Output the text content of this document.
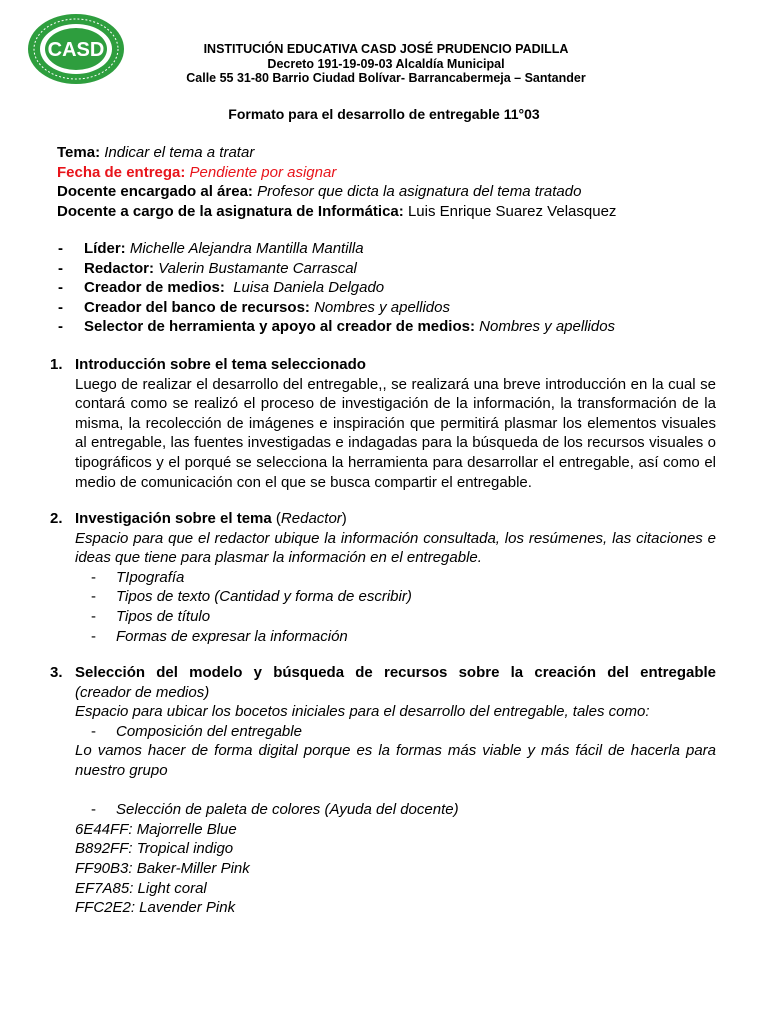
CASD	INSTITUCIÓN EDUCATIVA CASD JOSÉ PRUDENCIO PADILLA
Decreto 191-19-09-03 Alcaldía Municipal
Calle 55 31-80 Barrio Ciudad Bolívar- Barrancabermeja – Santander
Formato para el desarrollo de entregable 11°03
Tema: Indicar el tema a tratar
Fecha de entrega: Pendiente por asignar
Docente encargado al área: Profesor que dicta la asignatura del tema tratado
Docente a cargo de la asignatura de Informática: Luis Enrique Suarez Velasquez
-	Líder: Michelle Alejandra Mantilla Mantilla
-	Redactor: Valerin Bustamante Carrascal
-	Creador de medios:  Luisa Daniela Delgado
-	Creador del banco de recursos: Nombres y apellidos
-	Selector de herramienta y apoyo al creador de medios: Nombres y apellidos
1. Introducción sobre el tema seleccionado
Luego de realizar el desarrollo del entregable,, se realizará una breve introducción en la cual se contará como se realizó el proceso de investigación de la información, la transformación de la misma, la recolección de imágenes e inspiración que permitirá plasmar los elementos visuales al entregable, las fuentes investigadas e indagadas para la búsqueda de los recursos visuales o tipográficos y el porqué se selecciona la herramienta para desarrollar el entregable, así como el medio de comunicación con el que se busca compartir el entregable.
2. Investigación sobre el tema (Redactor)
Espacio para que el redactor ubique la información consultada, los resúmenes, las citaciones e ideas que tiene para plasmar la información en el entregable.
-	TIpografía
-	Tipos de texto (Cantidad y forma de escribir)
-	Tipos de título
-	Formas de expresar la información
3. Selección del modelo y búsqueda de recursos sobre la creación del entregable
(creador de medios)
Espacio para ubicar los bocetos iniciales para el desarrollo del entregable, tales como:
-	Composición del entregable
Lo vamos hacer de forma digital porque es la formas más viable y más fácil de hacerla para nuestro grupo
-	Selección de paleta de colores (Ayuda del docente)
6E44FF: Majorrelle Blue
B892FF: Tropical indigo
FF90B3: Baker-Miller Pink
EF7A85: Light coral
FFC2E2: Lavender Pink
